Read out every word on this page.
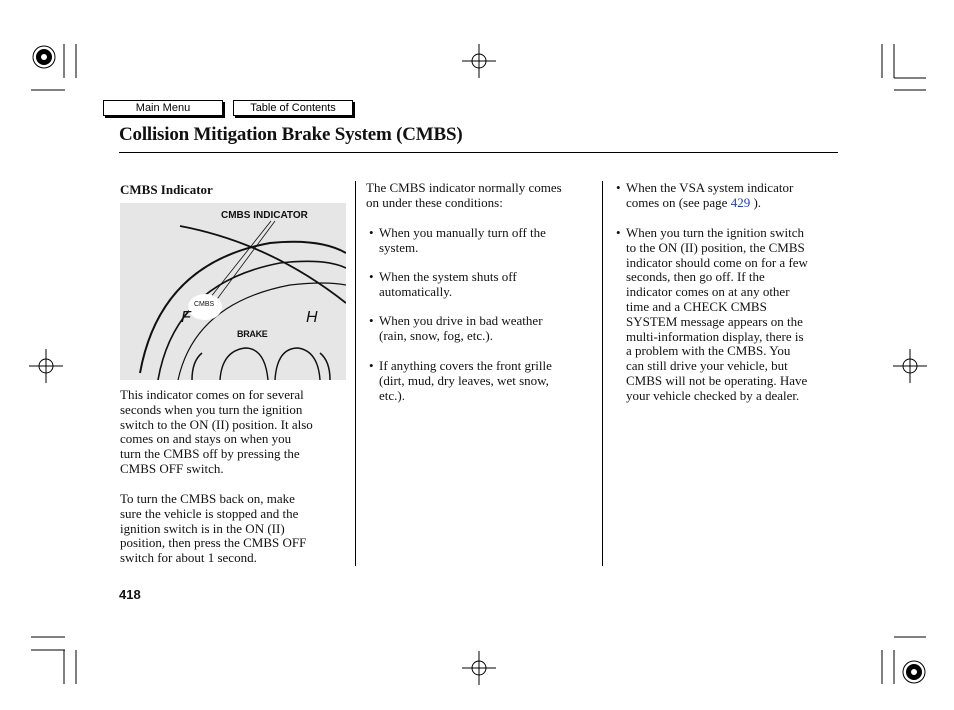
Main Menu	Table of Contents
Collision Mitigation Brake System (CMBS)
CMBS Indicator
CMBS INDICATOR
CMBS
F	H
BRAKE
This indicator comes on for several
seconds when you turn the ignition
switch to the ON (II) position. It also
comes on and stays on when you
turn the CMBS off by pressing the
CMBS OFF switch.
To turn the CMBS back on, make
sure the vehicle is stopped and the
ignition switch is in the ON (II)
position, then press the CMBS OFF
switch for about 1 second.
The CMBS indicator normally comes
on under these conditions:
• When you manually turn off the
system.
• When the system shuts off
automatically.
• When you drive in bad weather
(rain, snow, fog, etc.).
• If anything covers the front grille
(dirt, mud, dry leaves, wet snow,
etc.).
• When the VSA system indicator
comes on (see page 429 ).
• When you turn the ignition switch
to the ON (II) position, the CMBS
indicator should come on for a few
seconds, then go off. If the
indicator comes on at any other
time and a CHECK CMBS
SYSTEM message appears on the
multi-information display, there is
a problem with the CMBS. You
can still drive your vehicle, but
CMBS will not be operating. Have
your vehicle checked by a dealer.
418
